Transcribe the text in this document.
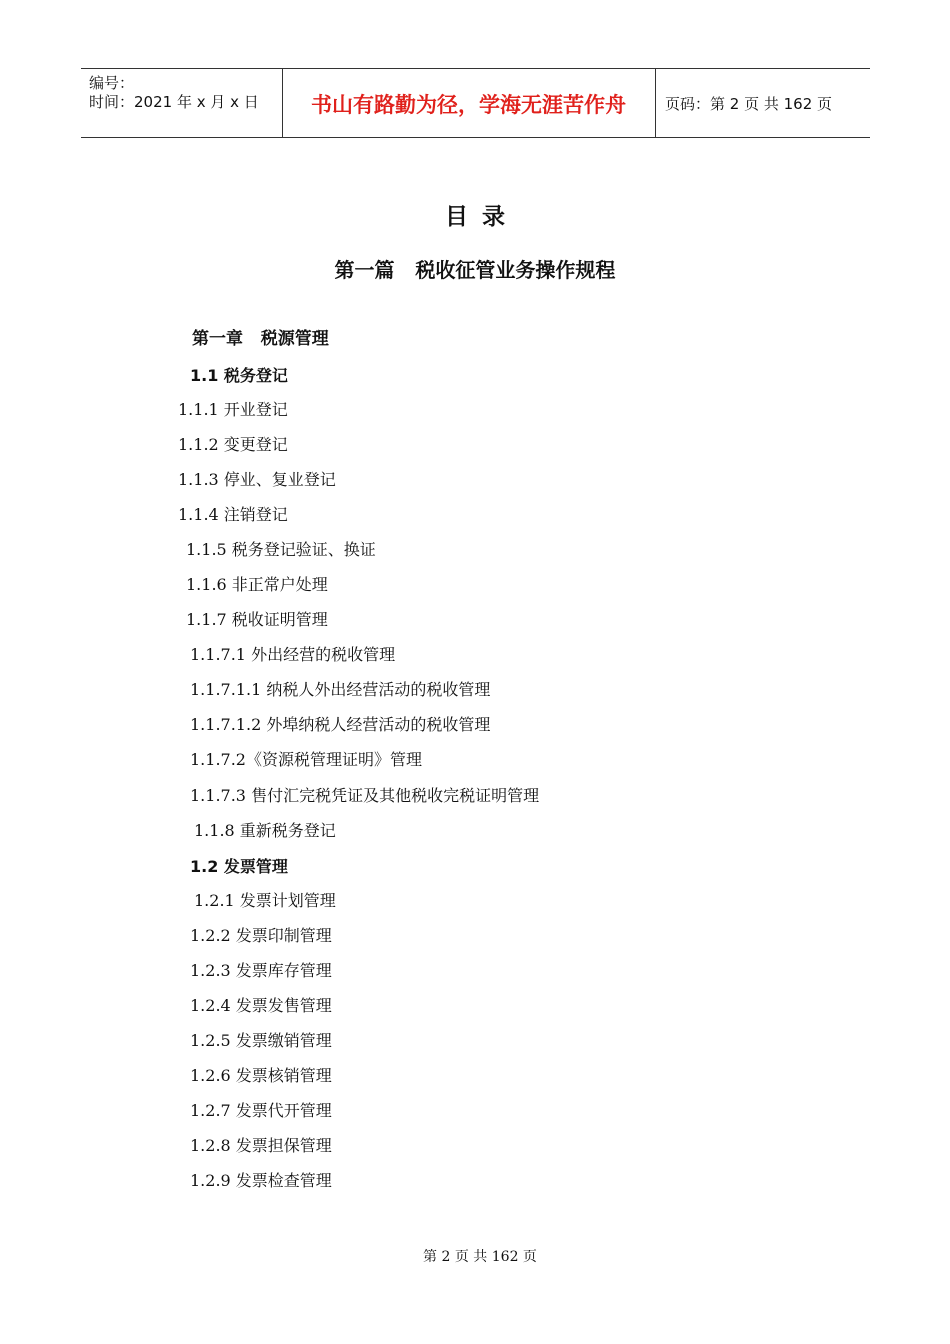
编号：
时间：2021 年 x 月 x 日	书山有路勤为径，学海无涯苦作舟	页码：第 2 页 共 162 页
目录
第一篇   税收征管业务操作规程
第一章   税源管理
1.1 税务登记
1.1.1 开业登记
1.1.2 变更登记
1.1.3 停业、复业登记
1.1.4 注销登记
1.1.5 税务登记验证、换证
1.1.6 非正常户处理
1.1.7 税收证明管理
1.1.7.1 外出经营的税收管理
1.1.7.1.1 纳税人外出经营活动的税收管理
1.1.7.1.2 外埠纳税人经营活动的税收管理
1.1.7.2《资源税管理证明》管理
1.1.7.3 售付汇完税凭证及其他税收完税证明管理
1.1.8 重新税务登记
1.2 发票管理
1.2.1 发票计划管理
1.2.2 发票印制管理
1.2.3 发票库存管理
1.2.4 发票发售管理
1.2.5 发票缴销管理
1.2.6 发票核销管理
1.2.7 发票代开管理
1.2.8 发票担保管理
1.2.9 发票检查管理
第 2 页 共 162 页
